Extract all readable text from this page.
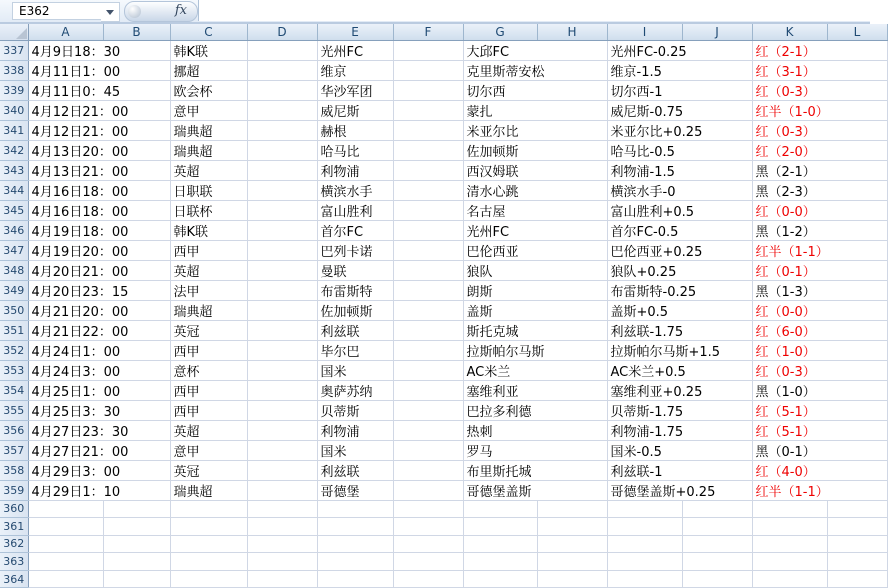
E362	fx
	A	B	C	D	E	F	G	H	I	J	K	L
337	4月9日18：30		韩K联		光州FC		大邱FC		光州FC-0.25		红（2-1）	
338	4月11日1：00		挪超		维京		克里斯蒂安松		维京-1.5		红（3-1）	
339	4月11日0：45		欧会杯		华沙军团		切尔西		切尔西-1		红（0-3）	
340	4月12日21：00		意甲		威尼斯		蒙扎		威尼斯-0.75		红半（1-0）	
341	4月12日21：00		瑞典超		赫根		米亚尔比		米亚尔比+0.25		红（0-3）	
342	4月13日20：00		瑞典超		哈马比		佐加顿斯		哈马比-0.5		红（2-0）	
343	4月13日21：00		英超		利物浦		西汉姆联		利物浦-1.5		黑（2-1）	
344	4月16日18：00		日职联		横滨水手		清水心跳		横滨水手-0		黑（2-3）	
345	4月16日18：00		日联杯		富山胜利		名古屋		富山胜利+0.5		红（0-0）	
346	4月19日18：00		韩K联		首尔FC		光州FC		首尔FC-0.5		黑（1-2）	
347	4月19日20：00		西甲		巴列卡诺		巴伦西亚		巴伦西亚+0.25		红半（1-1）	
348	4月20日21：00		英超		曼联		狼队		狼队+0.25		红（0-1）	
349	4月20日23：15		法甲		布雷斯特		朗斯		布雷斯特-0.25		黑（1-3）	
350	4月21日20：00		瑞典超		佐加顿斯		盖斯		盖斯+0.5		红（0-0）	
351	4月21日22：00		英冠		利兹联		斯托克城		利兹联-1.75		红（6-0）	
352	4月24日1：00		西甲		毕尔巴		拉斯帕尔马斯		拉斯帕尔马斯+1.5		红（1-0）	
353	4月24日3：00		意杯		国米		AC米兰		AC米兰+0.5		红（0-3）	
354	4月25日1：00		西甲		奥萨苏纳		塞维利亚		塞维利亚+0.25		黑（1-0）	
355	4月25日3：30		西甲		贝蒂斯		巴拉多利德		贝蒂斯-1.75		红（5-1）	
356	4月27日23：30		英超		利物浦		热刺		利物浦-1.75		红（5-1）	
357	4月27日21：00		意甲		国米		罗马		国米-0.5		黑（0-1）	
358	4月29日3：00		英冠		利兹联		布里斯托城		利兹联-1		红（4-0）	
359	4月29日1：10		瑞典超		哥德堡		哥德堡盖斯		哥德堡盖斯+0.25		红半（1-1）	
360												
361												
362												
363												
364												
